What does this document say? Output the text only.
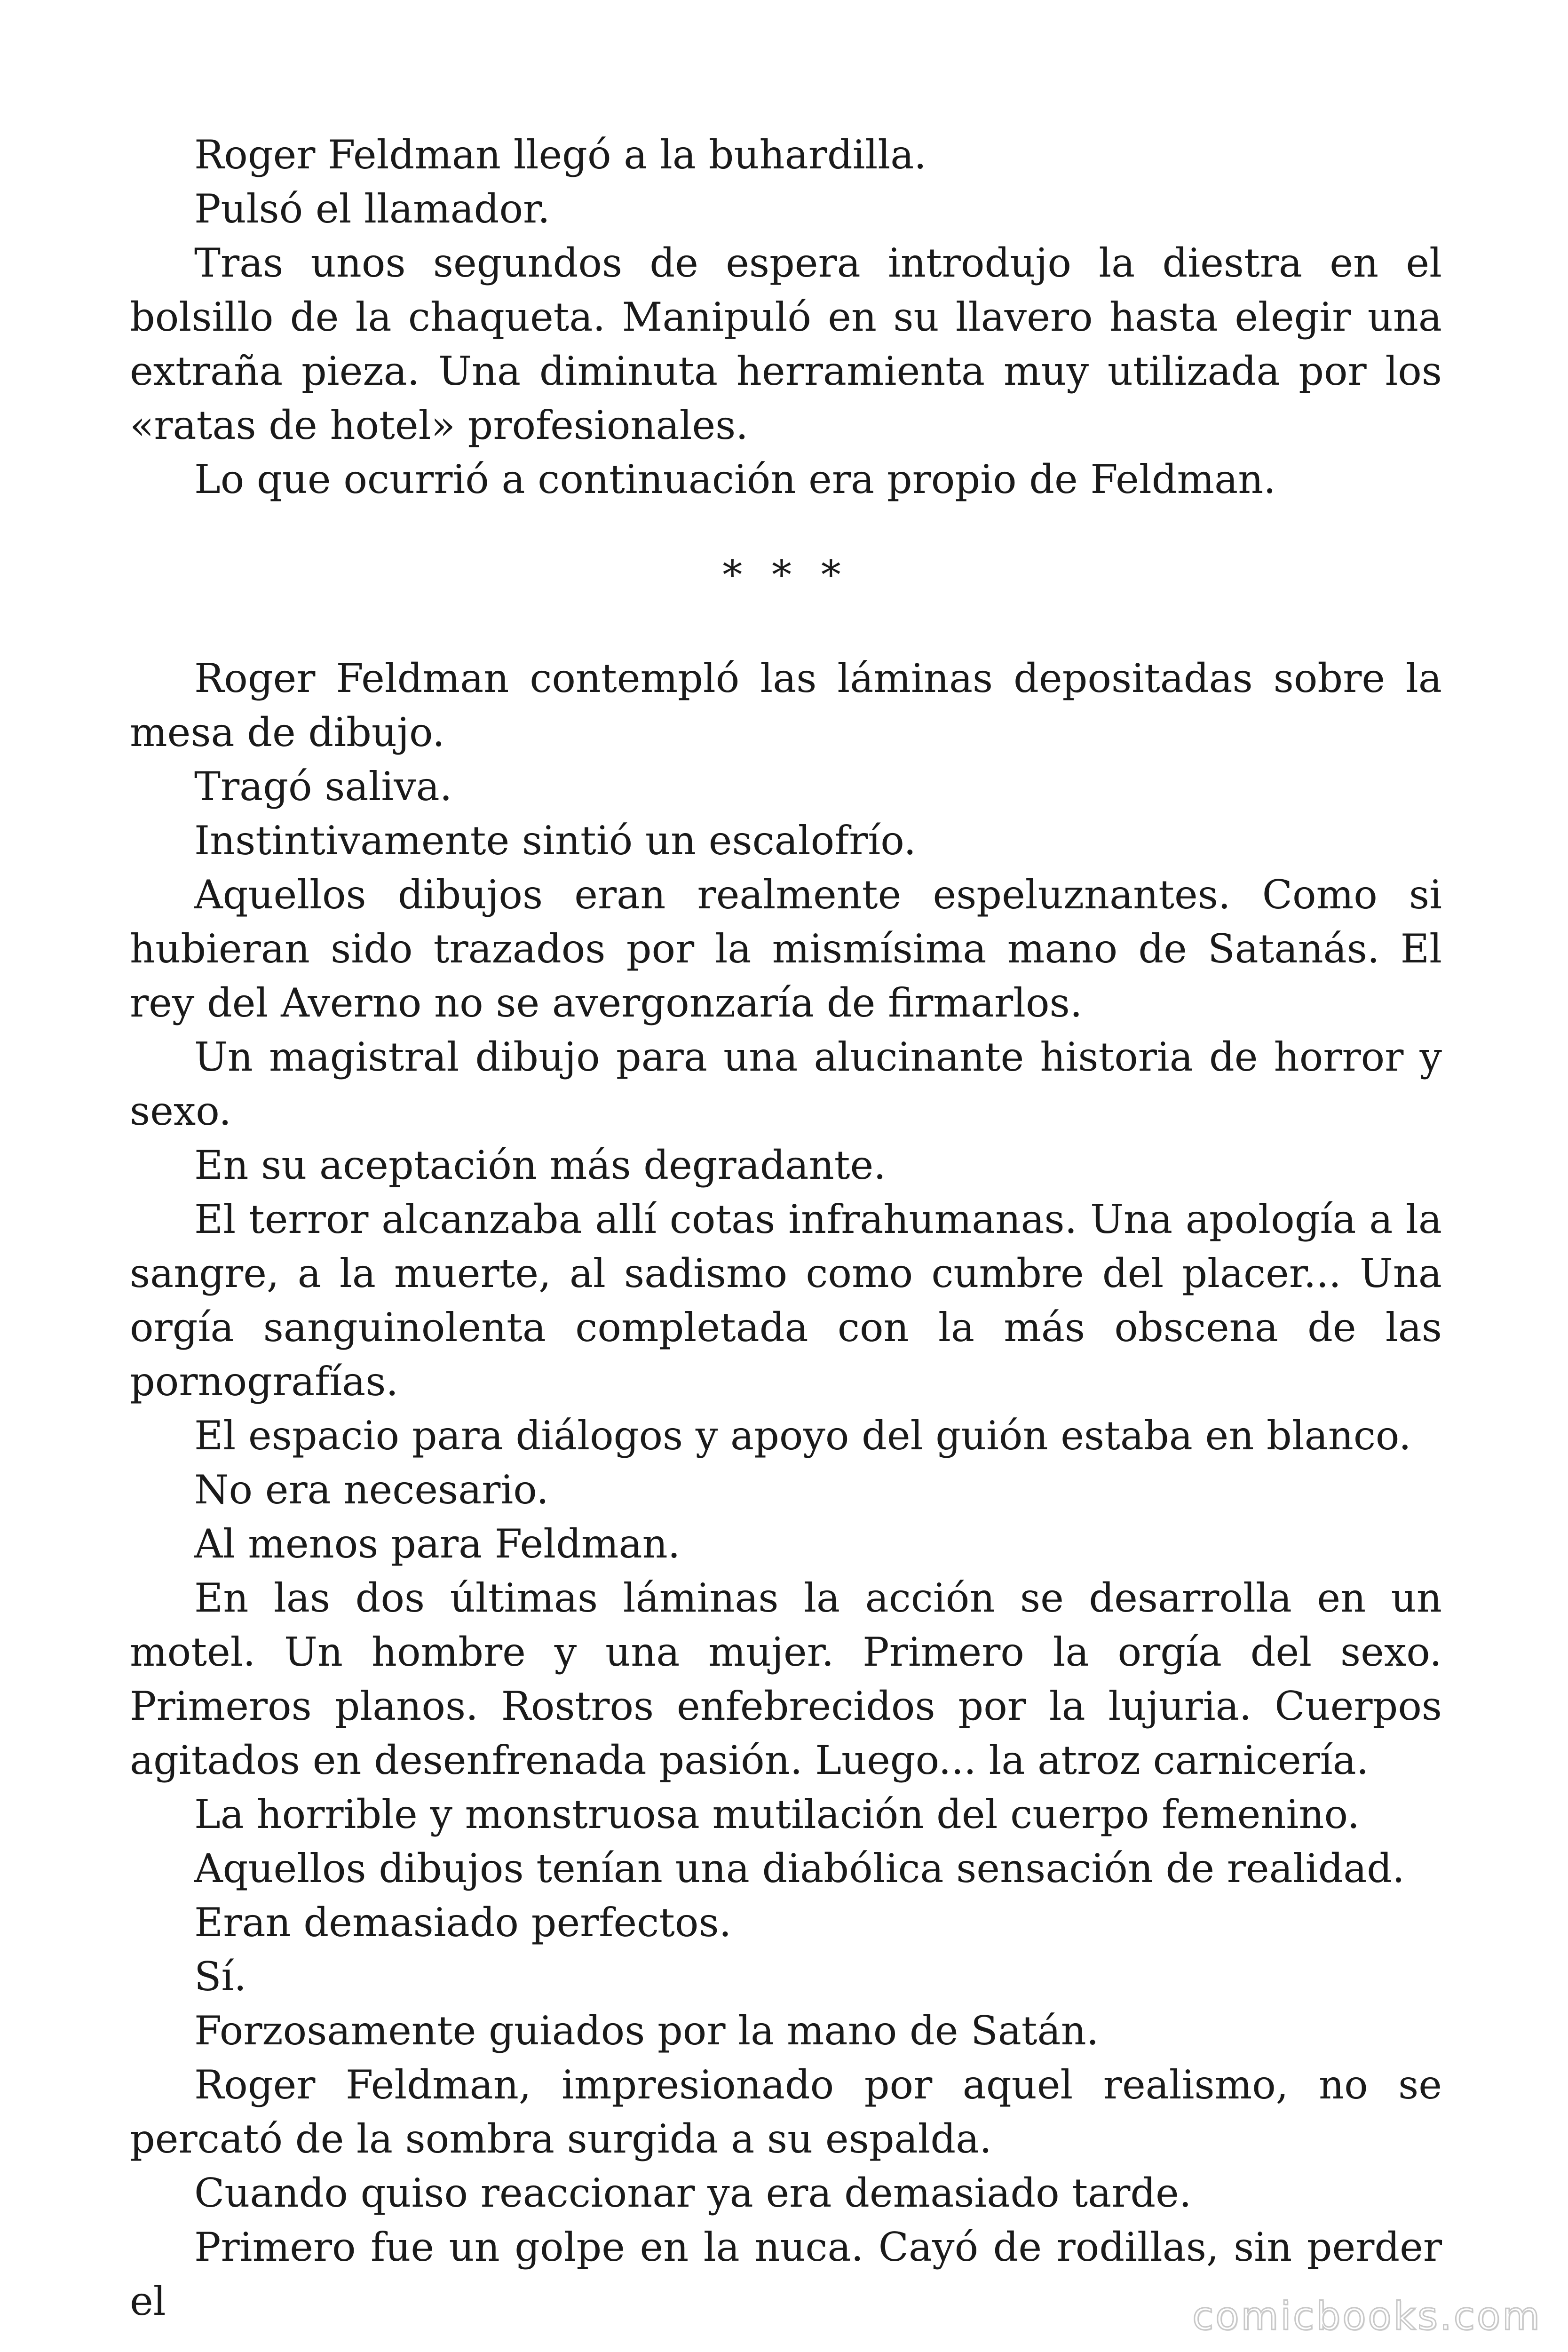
Roger Feldman llegó a la buhardilla.

Pulsó el llamador.

Tras unos segundos de espera introdujo la diestra en el bolsillo de la chaqueta. Manipuló en su llavero hasta elegir una extraña pieza. Una diminuta herramienta muy utilizada por los «ratas de hotel» profesionales.

Lo que ocurrió a continuación era propio de Feldman.

* * *

Roger Feldman contempló las láminas depositadas sobre la mesa de dibujo.

Tragó saliva.

Instintivamente sintió un escalofrío.

Aquellos dibujos eran realmente espeluznantes. Como si hubieran sido trazados por la mismísima mano de Satanás. El rey del Averno no se avergonzaría de firmarlos.

Un magistral dibujo para una alucinante historia de horror y sexo.

En su aceptación más degradante.

El terror alcanzaba allí cotas infrahumanas. Una apología a la sangre, a la muerte, al sadismo como cumbre del placer... Una orgía sanguinolenta completada con la más obscena de las pornografías.

El espacio para diálogos y apoyo del guión estaba en blanco.

No era necesario.

Al menos para Feldman.

En las dos últimas láminas la acción se desarrolla en un motel. Un hombre y una mujer. Primero la orgía del sexo. Primeros planos. Rostros enfebrecidos por la lujuria. Cuerpos agitados en desenfrenada pasión. Luego... la atroz carnicería.

La horrible y monstruosa mutilación del cuerpo femenino.

Aquellos dibujos tenían una diabólica sensación de realidad.

Eran demasiado perfectos.

Sí.

Forzosamente guiados por la mano de Satán.

Roger Feldman, impresionado por aquel realismo, no se percató de la sombra surgida a su espalda.

Cuando quiso reaccionar ya era demasiado tarde.

Primero fue un golpe en la nuca. Cayó de rodillas, sin perder el	comicbooks.com
